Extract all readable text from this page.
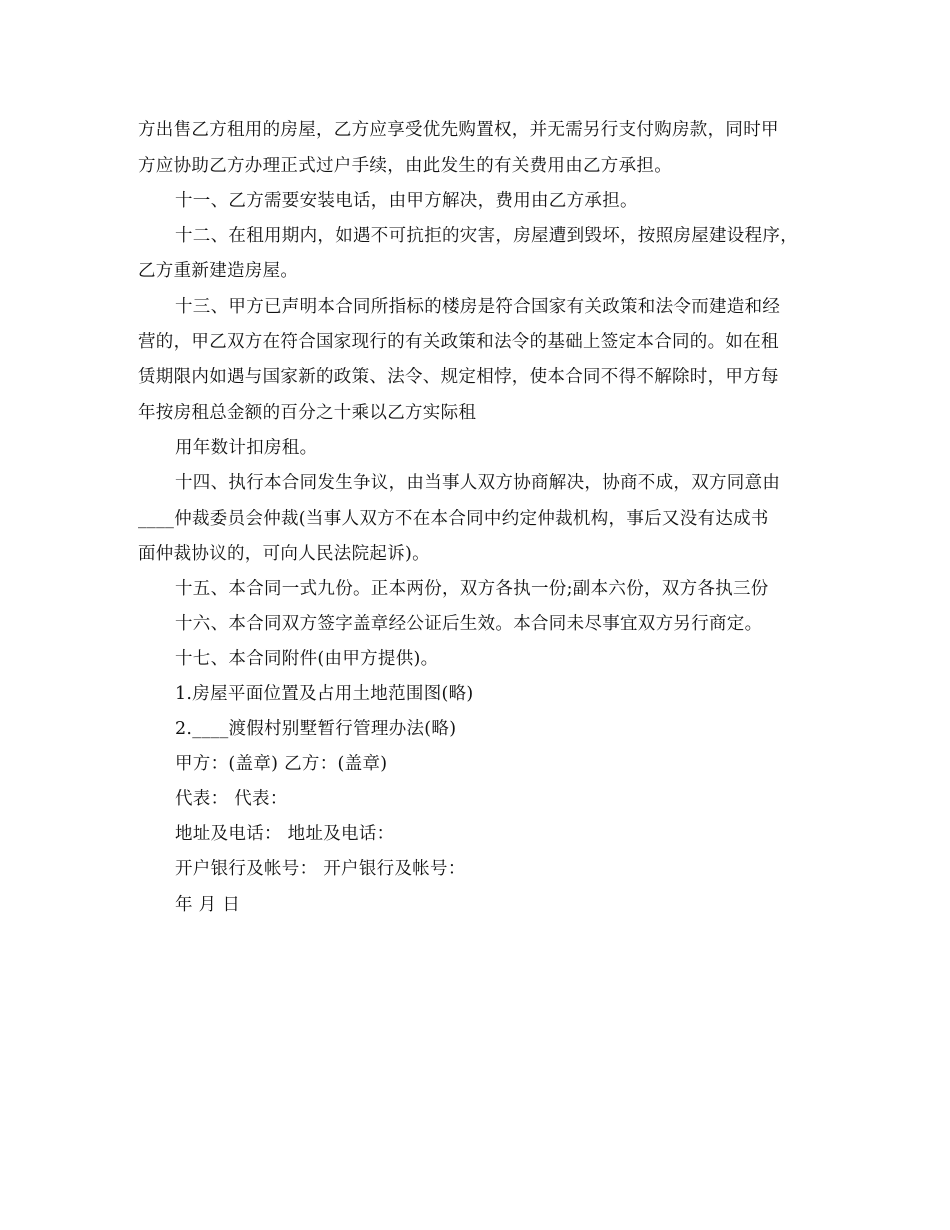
方出售乙方租用的房屋，乙方应享受优先购置权，并无需另行支付购房款，同时甲
方应协助乙方办理正式过户手续，由此发生的有关费用由乙方承担。
十一、乙方需要安装电话，由甲方解决，费用由乙方承担。
十二、在租用期内，如遇不可抗拒的灾害，房屋遭到毁坏，按照房屋建设程序，
乙方重新建造房屋。
十三、甲方已声明本合同所指标的楼房是符合国家有关政策和法令而建造和经
营的，甲乙双方在符合国家现行的有关政策和法令的基础上签定本合同的。如在租
赁期限内如遇与国家新的政策、法令、规定相悖，使本合同不得不解除时，甲方每
年按房租总金额的百分之十乘以乙方实际租
用年数计扣房租。
十四、执行本合同发生争议，由当事人双方协商解决，协商不成，双方同意由
____仲裁委员会仲裁(当事人双方不在本合同中约定仲裁机构，事后又没有达成书
面仲裁协议的，可向人民法院起诉)。
十五、本合同一式九份。正本两份，双方各执一份;副本六份，双方各执三份
十六、本合同双方签字盖章经公证后生效。本合同未尽事宜双方另行商定。
十七、本合同附件(由甲方提供)。
1.房屋平面位置及占用土地范围图(略)
2.____渡假村别墅暂行管理办法(略)
甲方：(盖章) 乙方：(盖章)
代表： 代表：
地址及电话： 地址及电话：
开户银行及帐号： 开户银行及帐号：
年 月 日
